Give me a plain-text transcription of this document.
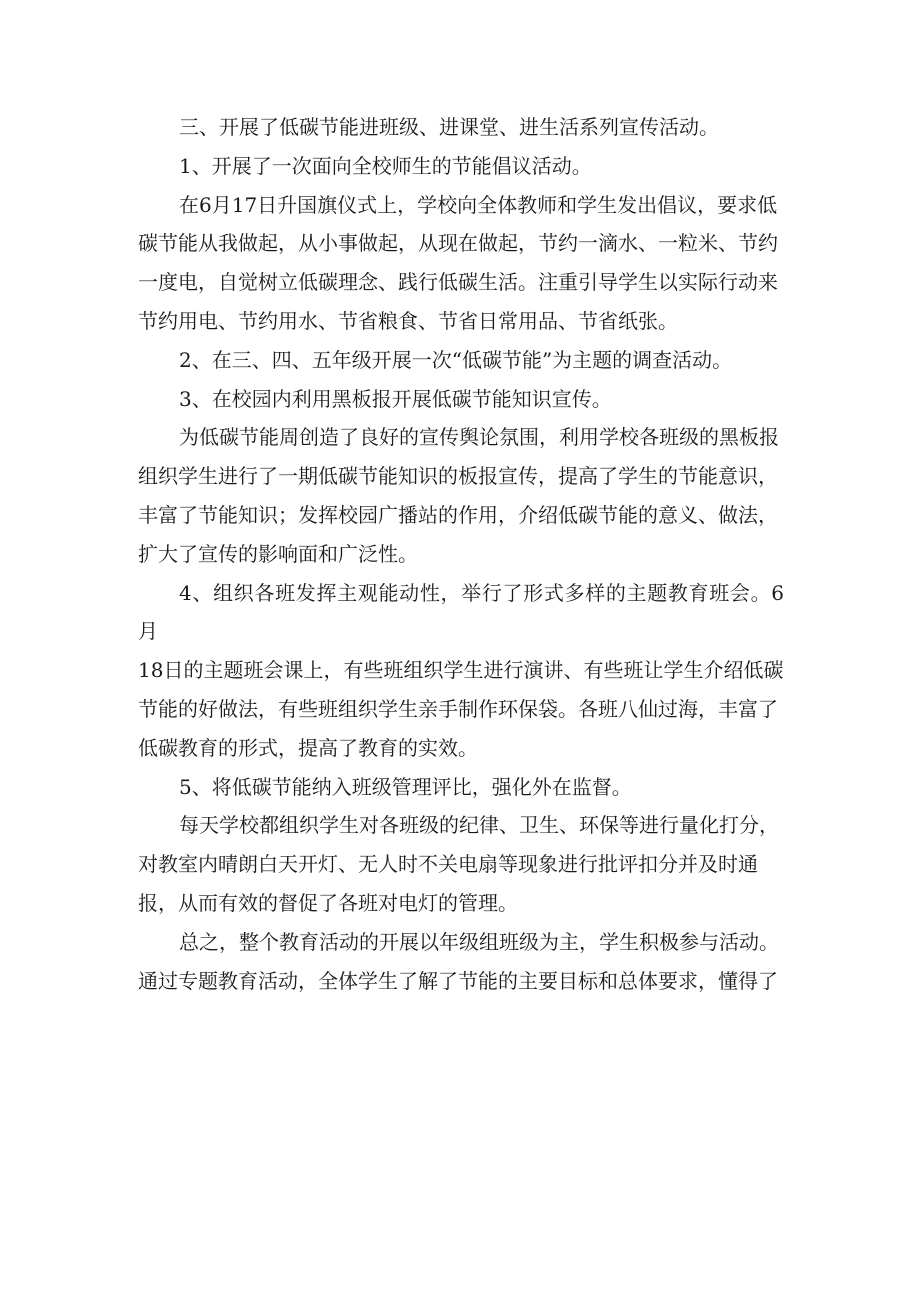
三、开展了低碳节能进班级、进课堂、进生活系列宣传活动。

1、开展了一次面向全校师生的节能倡议活动。

在6月17日升国旗仪式上，学校向全体教师和学生发出倡议，要求低
碳节能从我做起，从小事做起，从现在做起，节约一滴水、一粒米、节约
一度电，自觉树立低碳理念、践行低碳生活。注重引导学生以实际行动来
节约用电、节约用水、节省粮食、节省日常用品、节省纸张。

2、在三、四、五年级开展一次“低碳节能”为主题的调查活动。

3、在校园内利用黑板报开展低碳节能知识宣传。

为低碳节能周创造了良好的宣传舆论氛围，利用学校各班级的黑板报
组织学生进行了一期低碳节能知识的板报宣传，提高了学生的节能意识，
丰富了节能知识；发挥校园广播站的作用，介绍低碳节能的意义、做法，
扩大了宣传的影响面和广泛性。

4、组织各班发挥主观能动性，举行了形式多样的主题教育班会。6月
18日的主题班会课上，有些班组织学生进行演讲、有些班让学生介绍低碳
节能的好做法，有些班组织学生亲手制作环保袋。各班八仙过海，丰富了
低碳教育的形式，提高了教育的实效。

5、将低碳节能纳入班级管理评比，强化外在监督。

每天学校都组织学生对各班级的纪律、卫生、环保等进行量化打分，
对教室内晴朗白天开灯、无人时不关电扇等现象进行批评扣分并及时通
报，从而有效的督促了各班对电灯的管理。

总之，整个教育活动的开展以年级组班级为主，学生积极参与活动。
通过专题教育活动，全体学生了解了节能的主要目标和总体要求，懂得了
